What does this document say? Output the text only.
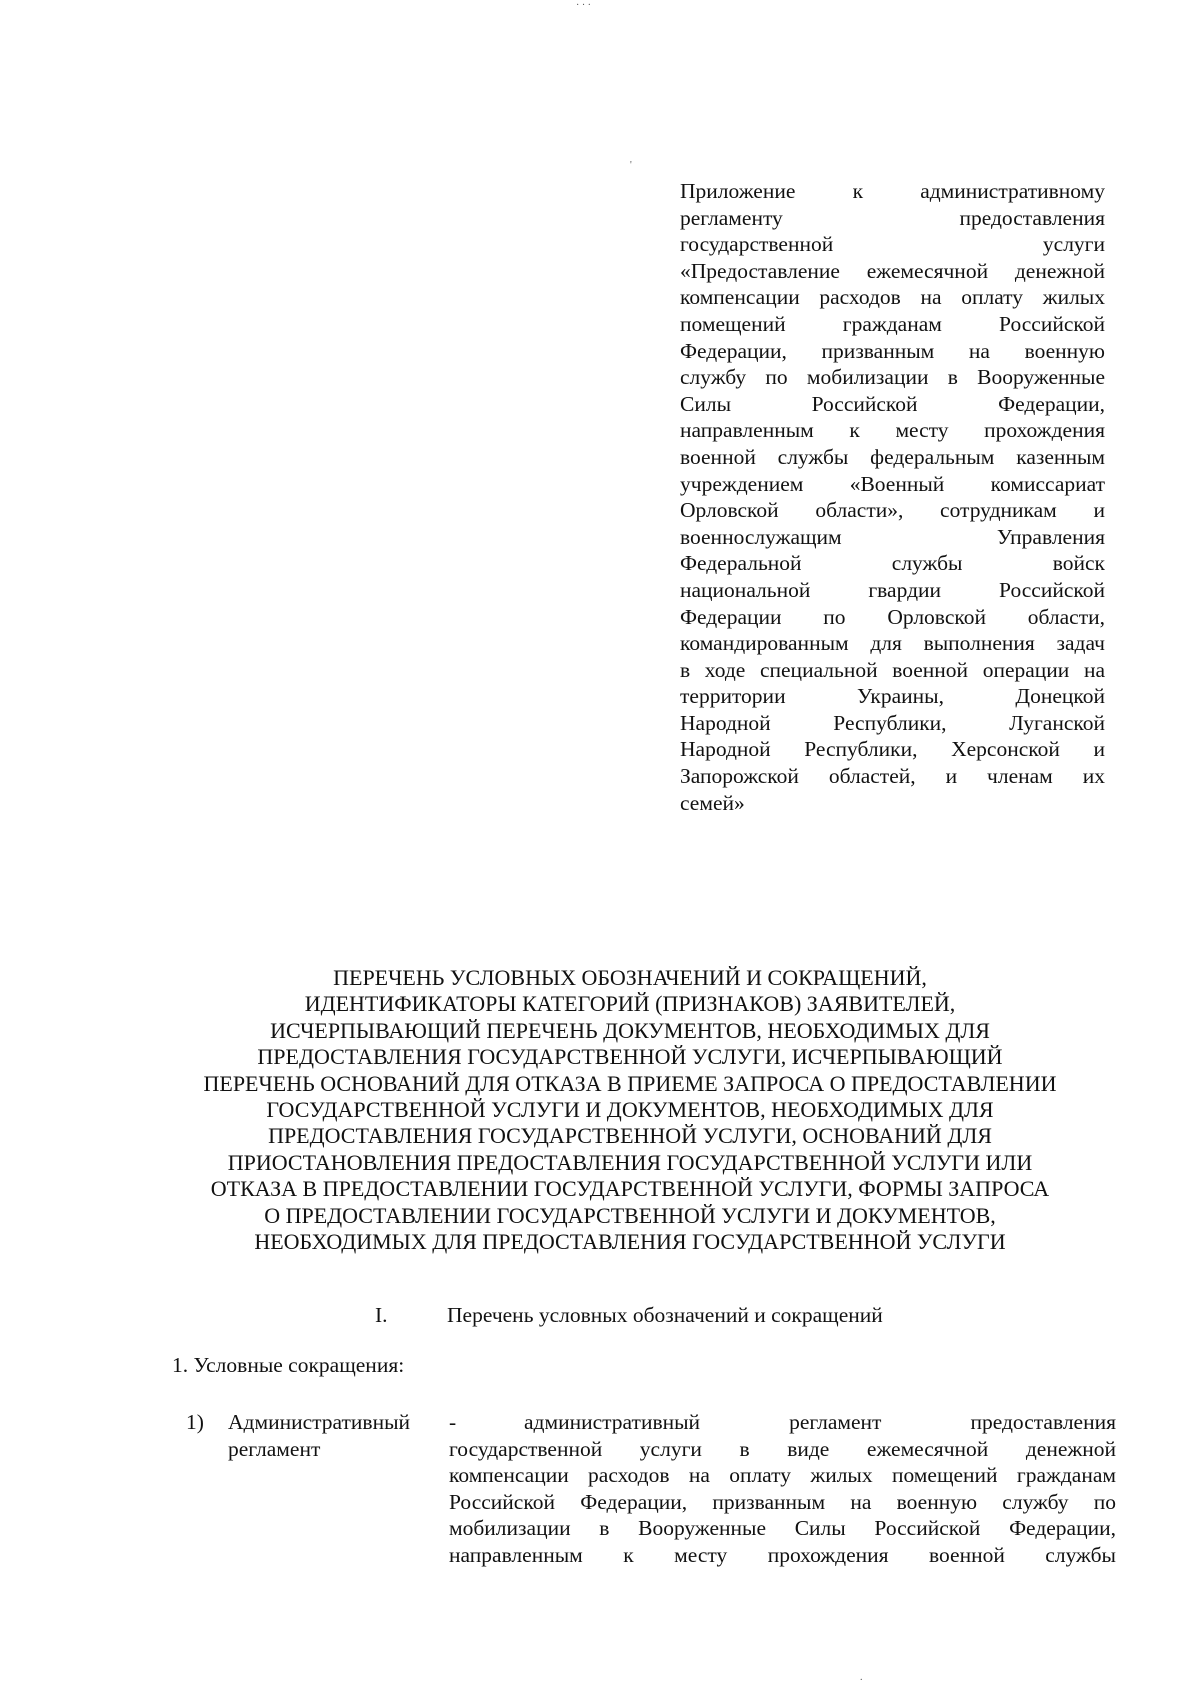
· · ·
'
Приложение к административному
регламенту предоставления
государственной услуги
«Предоставление ежемесячной денежной
компенсации расходов на оплату жилых
помещений гражданам Российской
Федерации, призванным на военную
службу по мобилизации в Вооруженные
Силы Российской Федерации,
направленным к месту прохождения
военной службы федеральным казенным
учреждением «Военный комиссариат
Орловской области», сотрудникам и
военнослужащим Управления
Федеральной службы войск
национальной гвардии Российской
Федерации по Орловской области,
командированным для выполнения задач
в ходе специальной военной операции на
территории Украины, Донецкой
Народной Республики, Луганской
Народной Республики, Херсонской и
Запорожской областей, и членам их
семей»
ПЕРЕЧЕНЬ УСЛОВНЫХ ОБОЗНАЧЕНИЙ И СОКРАЩЕНИЙ,
ИДЕНТИФИКАТОРЫ КАТЕГОРИЙ (ПРИЗНАКОВ) ЗАЯВИТЕЛЕЙ,
ИСЧЕРПЫВАЮЩИЙ ПЕРЕЧЕНЬ ДОКУМЕНТОВ, НЕОБХОДИМЫХ ДЛЯ
ПРЕДОСТАВЛЕНИЯ ГОСУДАРСТВЕННОЙ УСЛУГИ, ИСЧЕРПЫВАЮЩИЙ
ПЕРЕЧЕНЬ ОСНОВАНИЙ ДЛЯ ОТКАЗА В ПРИЕМЕ ЗАПРОСА О ПРЕДОСТАВЛЕНИИ
ГОСУДАРСТВЕННОЙ УСЛУГИ И ДОКУМЕНТОВ, НЕОБХОДИМЫХ ДЛЯ
ПРЕДОСТАВЛЕНИЯ ГОСУДАРСТВЕННОЙ УСЛУГИ, ОСНОВАНИЙ ДЛЯ
ПРИОСТАНОВЛЕНИЯ ПРЕДОСТАВЛЕНИЯ ГОСУДАРСТВЕННОЙ УСЛУГИ ИЛИ
ОТКАЗА В ПРЕДОСТАВЛЕНИИ ГОСУДАРСТВЕННОЙ УСЛУГИ, ФОРМЫ ЗАПРОСА
О ПРЕДОСТАВЛЕНИИ ГОСУДАРСТВЕННОЙ УСЛУГИ И ДОКУМЕНТОВ,
НЕОБХОДИМЫХ ДЛЯ ПРЕДОСТАВЛЕНИЯ ГОСУДАРСТВЕННОЙ УСЛУГИ
I.	Перечень условных обозначений и сокращений
1. Условные сокращения:
1) Административный
регламент
-	административный регламент предоставления
государственной услуги в виде ежемесячной денежной
компенсации расходов на оплату жилых помещений гражданам
Российской Федерации, призванным на военную службу по
мобилизации в Вооруженные Силы Российской Федерации,
направленным к месту прохождения военной службы
.
